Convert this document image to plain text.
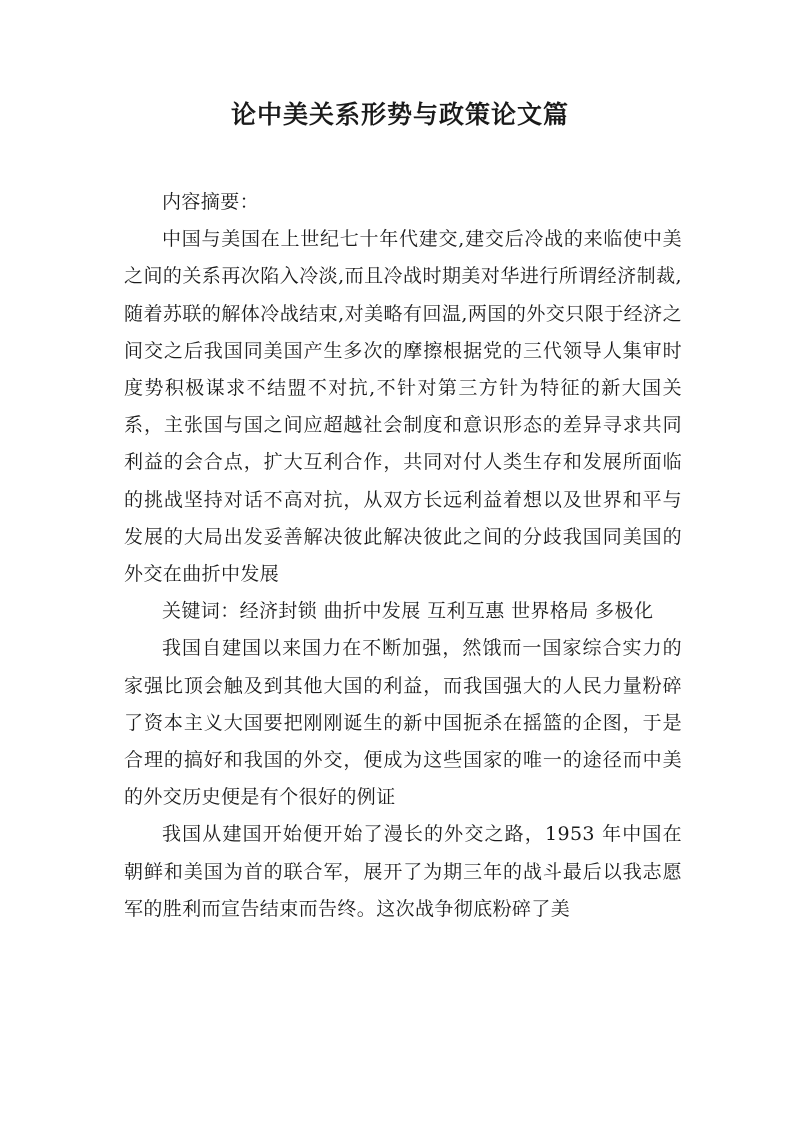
论中美关系形势与政策论文篇

内容摘要：

中国与美国在上世纪七十年代建交,建交后冷战的来临使中美之间的关系再次陷入冷淡,而且冷战时期美对华进行所谓经济制裁,随着苏联的解体冷战结束,对美略有回温,两国的外交只限于经济之间交之后我国同美国产生多次的摩擦根据党的三代领导人集审时度势积极谋求不结盟不对抗,不针对第三方针为特征的新大国关系，主张国与国之间应超越社会制度和意识形态的差异寻求共同利益的会合点，扩大互利合作，共同对付人类生存和发展所面临的挑战坚持对话不高对抗，从双方长远利益着想以及世界和平与发展的大局出发妥善解决彼此解决彼此之间的分歧我国同美国的外交在曲折中发展

关键词：经济封锁 曲折中发展 互利互惠 世界格局 多极化

我国自建国以来国力在不断加强，然饿而一国家综合实力的家强比顶会触及到其他大国的利益，而我国强大的人民力量粉碎了资本主义大国要把刚刚诞生的新中国扼杀在摇篮的企图，于是合理的搞好和我国的外交，便成为这些国家的唯一的途径而中美的外交历史便是有个很好的例证

我国从建国开始便开始了漫长的外交之路，1953 年中国在朝鲜和美国为首的联合军，展开了为期三年的战斗最后以我志愿军的胜利而宣告结束而告终。这次战争彻底粉碎了美
